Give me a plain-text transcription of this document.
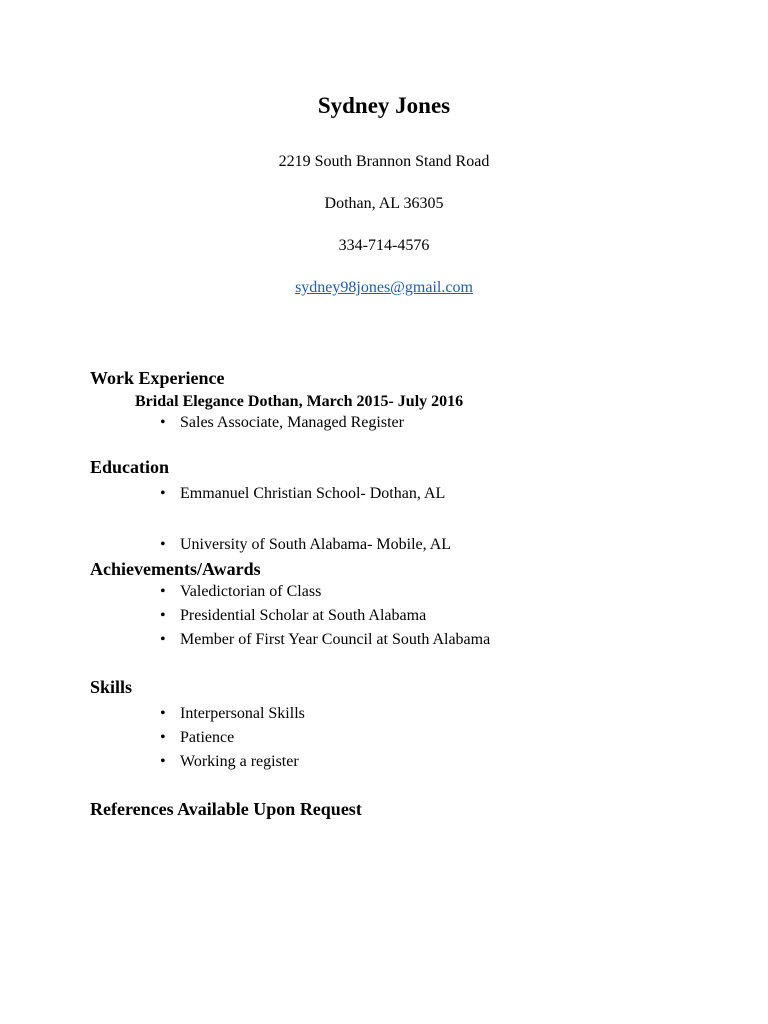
Sydney Jones
2219 South Brannon Stand Road
Dothan, AL 36305
334-714-4576
sydney98jones@gmail.com
Work Experience
Bridal Elegance Dothan, March 2015- July 2016
• Sales Associate, Managed Register
Education
• Emmanuel Christian School- Dothan, AL
• University of South Alabama- Mobile, AL
Achievements/Awards
• Valedictorian of Class
• Presidential Scholar at South Alabama
• Member of First Year Council at South Alabama
Skills
• Interpersonal Skills
• Patience
• Working a register
References Available Upon Request
